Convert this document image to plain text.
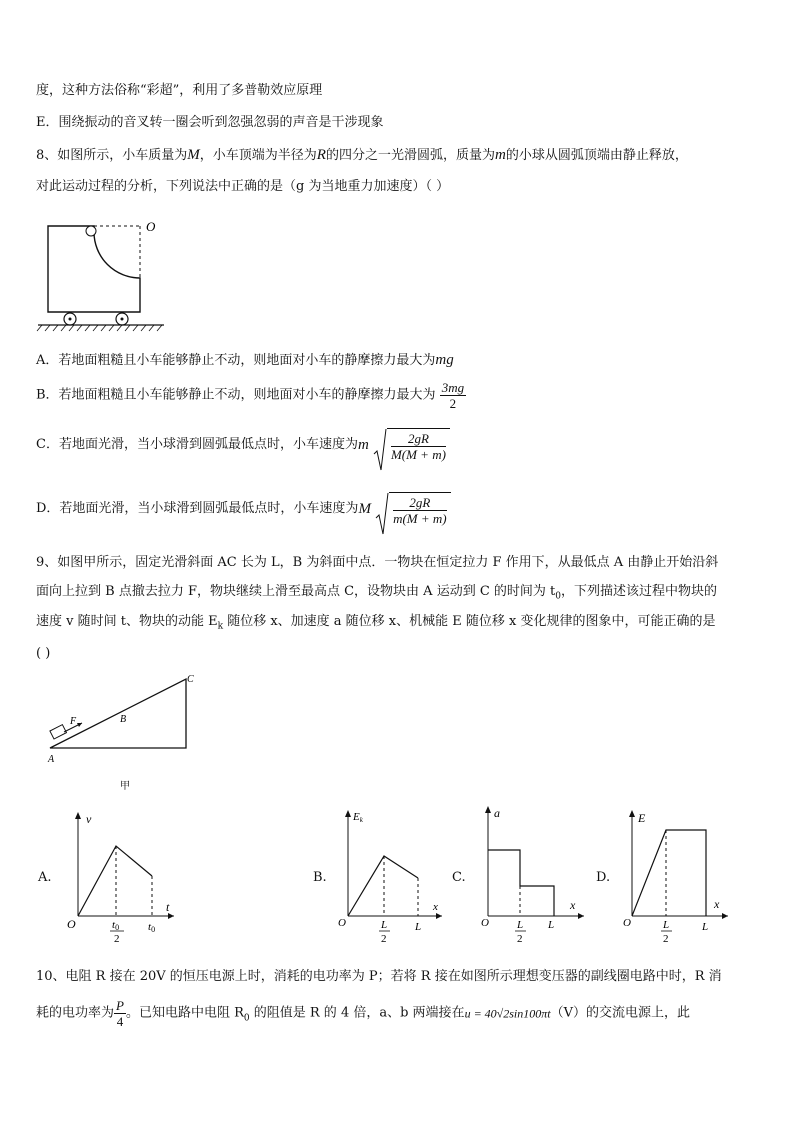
度，这种方法俗称“彩超”，利用了多普勒效应原理
E．围绕振动的音叉转一圈会听到忽强忽弱的声音是干涉现象
8、如图所示，小车质量为M，小车顶端为半径为R的四分之一光滑圆弧，质量为m的小球从圆弧顶端由静止释放，
对此运动过程的分析，下列说法中正确的是（g 为当地重力加速度）（ ）
O
A．若地面粗糙且小车能够静止不动，则地面对小车的静摩擦力最大为mg
B．若地面粗糙且小车能够静止不动，则地面对小车的静摩擦力最大为 $\frac{3mg}{2}$
C．若地面光滑，当小球滑到圆弧最低点时，小车速度为m $\frac{2gR}{M(M + m)}$
D．若地面光滑，当小球滑到圆弧最低点时，小车速度为M $\frac{2gR}{m(M + m)}$
9、如图甲所示，固定光滑斜面 AC 长为 L，B 为斜面中点．一物块在恒定拉力 F 作用下，从最低点 A 由静止开始沿斜
面向上拉到 B 点撤去拉力 F，物块继续上滑至最高点 C，设物块由 A 运动到 C 的时间为 $t_0$，下列描述该过程中物块的
速度 v 随时间 t、物块的动能 $E_k$ 随位移 x、加速度 a 随位移 x、机械能 E 随位移 x 变化规律的图象中，可能正确的是
( )
F	B
C
A
甲
A.
v
t
O	t0
2
t0
B.
Ek
x
O	L
2
L
C.
a
x
O	L
2
L
D.
E
x
O	L
2
L
10、电阻 R 接在 20V 的恒压电源上时，消耗的电功率为 P；若将 R 接在如图所示理想变压器的副线圈电路中时，R 消
耗的电功率为 $\frac{P}{4}$ 。已知电路中电阻 $R_0$ 的阻值是 R 的 4 倍，a、b 两端接在u = 40√2sin100πt（V）的交流电源上，此
